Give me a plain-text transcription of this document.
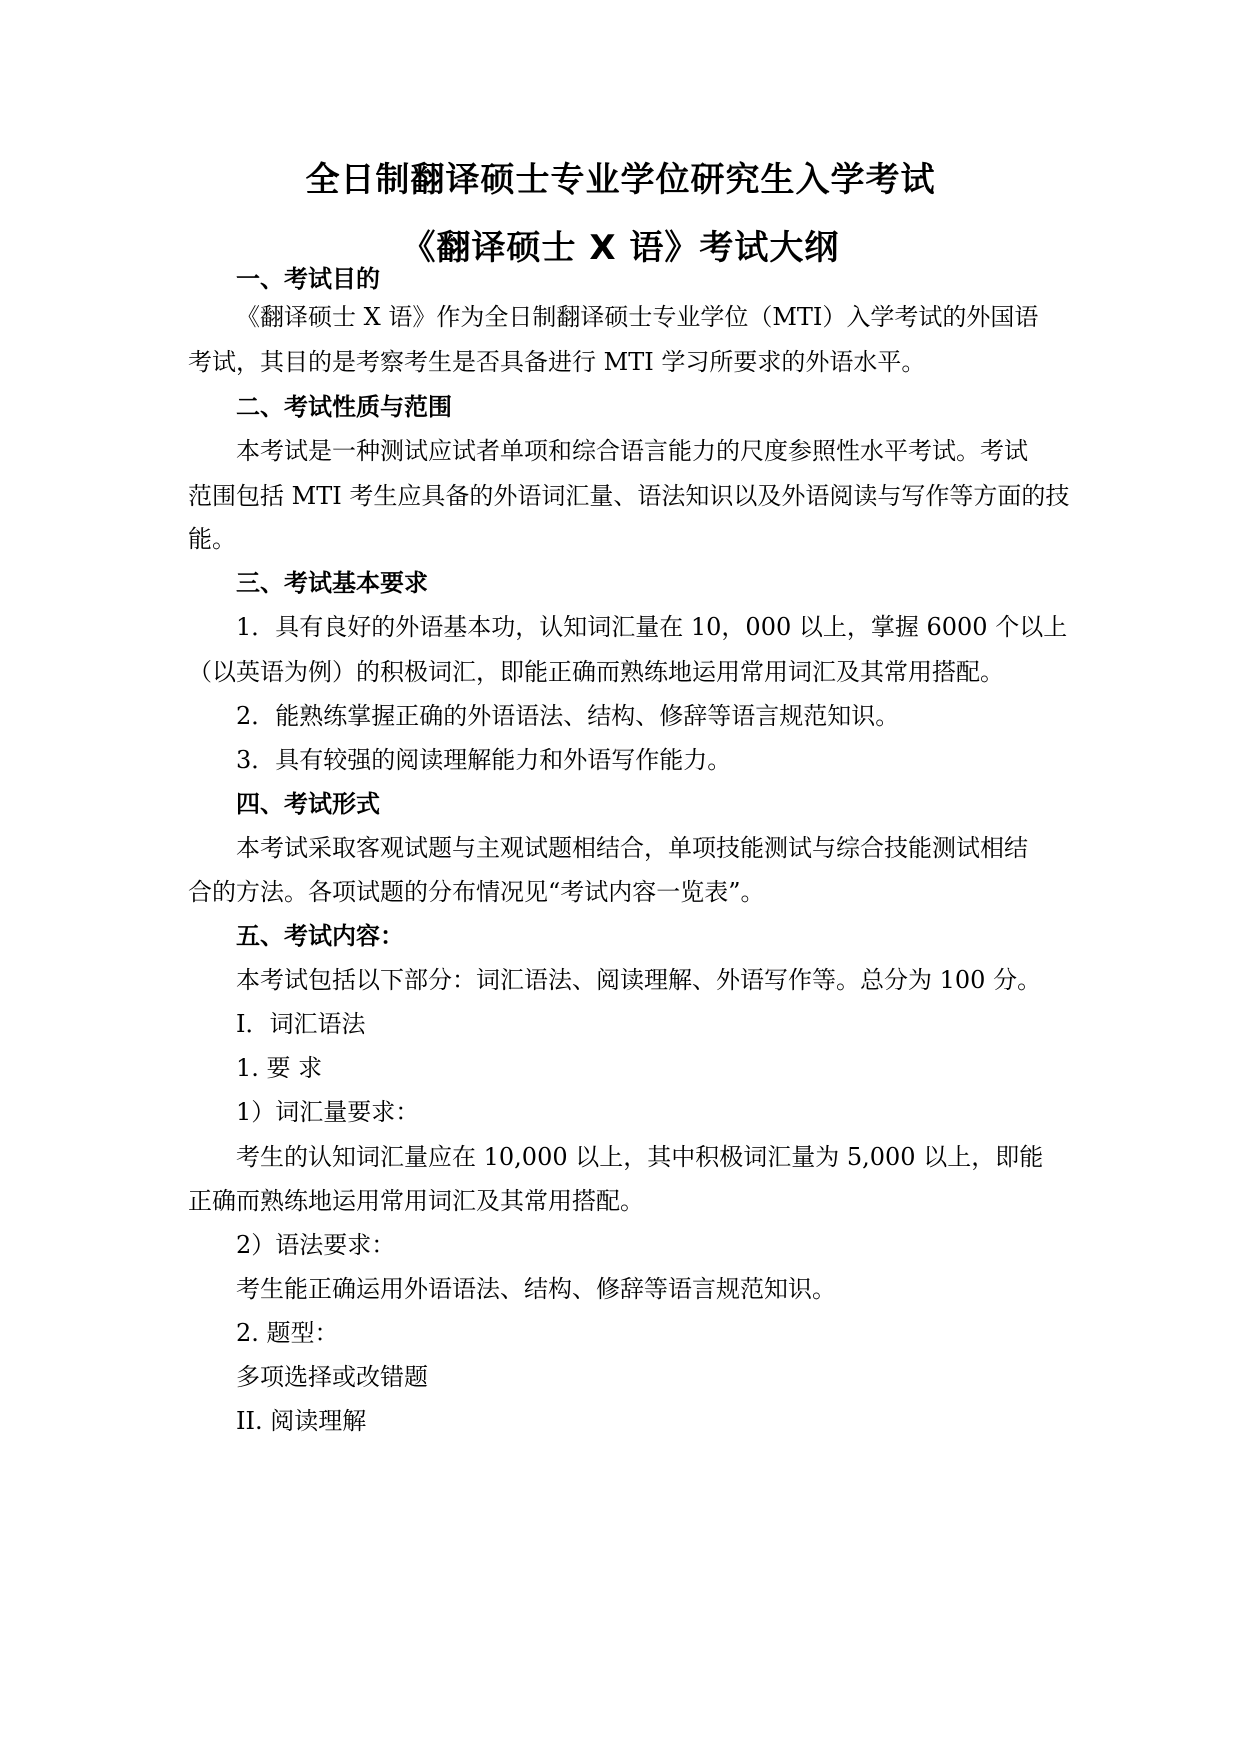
全日制翻译硕士专业学位研究生入学考试
《翻译硕士 X 语》考试大纲
一、考试目的
《翻译硕士 X 语》作为全日制翻译硕士专业学位（MTI）入学考试的外国语
考试，其目的是考察考生是否具备进行 MTI 学习所要求的外语水平。
二、考试性质与范围
本考试是一种测试应试者单项和综合语言能力的尺度参照性水平考试。考试
范围包括 MTI 考生应具备的外语词汇量、语法知识以及外语阅读与写作等方面的技
能。
三、考试基本要求
1．具有良好的外语基本功，认知词汇量在 10，000 以上，掌握 6000 个以上
（以英语为例）的积极词汇，即能正确而熟练地运用常用词汇及其常用搭配。
2．能熟练掌握正确的外语语法、结构、修辞等语言规范知识。
3．具有较强的阅读理解能力和外语写作能力。
四、考试形式
本考试采取客观试题与主观试题相结合，单项技能测试与综合技能测试相结
合的方法。各项试题的分布情况见“考试内容一览表”。
五、考试内容：
本考试包括以下部分：词汇语法、阅读理解、外语写作等。总分为 100 分。
I．词汇语法
1. 要 求
1）词汇量要求：
考生的认知词汇量应在 10,000 以上，其中积极词汇量为 5,000 以上，即能
正确而熟练地运用常用词汇及其常用搭配。
2）语法要求：
考生能正确运用外语语法、结构、修辞等语言规范知识。
2. 题型：
多项选择或改错题
II. 阅读理解
